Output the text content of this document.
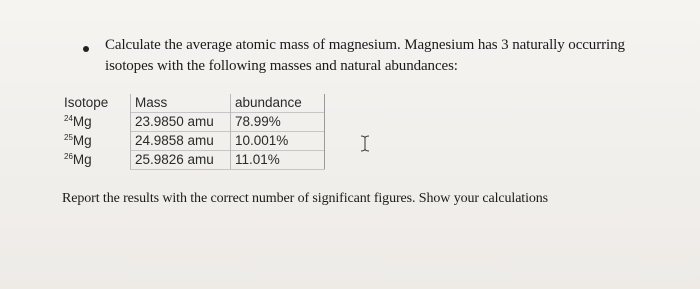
Calculate the average atomic mass of magnesium. Magnesium has 3 naturally occurring
isotopes with the following masses and natural abundances:
Isotope	Mass	abundance
$^{24}$Mg	23.9850 amu	78.99%
$^{25}$Mg	24.9858 amu	10.001%
$^{26}$Mg	25.9826 amu	11.01%
Report the results with the correct number of significant figures. Show your calculations
